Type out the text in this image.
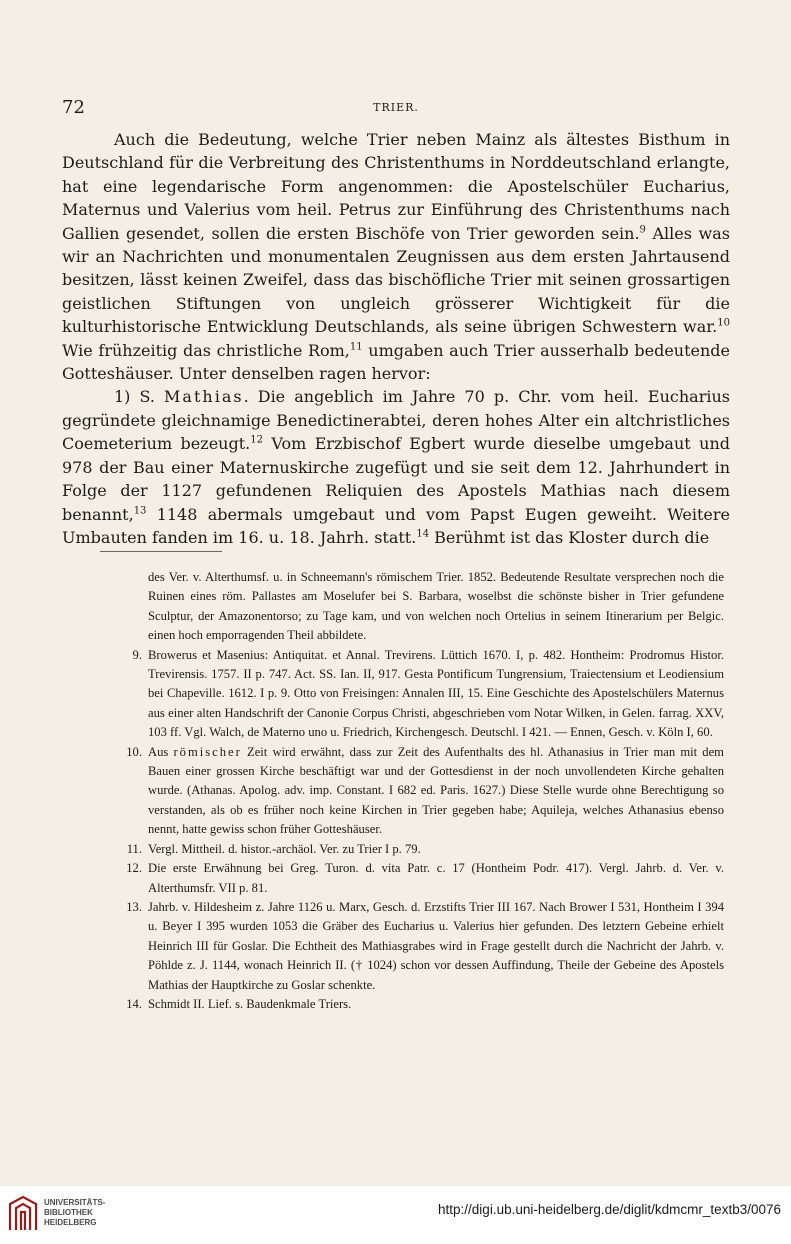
72	TRIER.

Auch die Bedeutung, welche Trier neben Mainz als ältestes Bisthum in Deutschland für die Verbreitung des Christenthums in Norddeutschland erlangte, hat eine legendarische Form angenommen: die Apostelschüler Eucharius, Maternus und Valerius vom heil. Petrus zur Einführung des Christenthums nach Gallien gesendet, sollen die ersten Bischöfe von Trier geworden sein.$^9$ Alles was wir an Nachrichten und monumentalen Zeugnissen aus dem ersten Jahrtausend besitzen, lässt keinen Zweifel, dass das bischöfliche Trier mit seinen grossartigen geistlichen Stiftungen von ungleich grösserer Wichtigkeit für die kulturhistorische Entwicklung Deutschlands, als seine übrigen Schwestern war.$^{10}$ Wie frühzeitig das christliche Rom,$^{11}$ umgaben auch Trier ausserhalb bedeutende Gotteshäuser. Unter denselben ragen hervor:

1) S. Mathias. Die angeblich im Jahre 70 p. Chr. vom heil. Eucharius gegründete gleichnamige Benedictinerabtei, deren hohes Alter ein altchristliches Coemeterium bezeugt.$^{12}$ Vom Erzbischof Egbert wurde dieselbe umgebaut und 978 der Bau einer Maternuskirche zugefügt und sie seit dem 12. Jahrhundert in Folge der 1127 gefundenen Reliquien des Apostels Mathias nach diesem benannt,$^{13}$ 1148 abermals umgebaut und vom Papst Eugen geweiht. Weitere Umbauten fanden im 16. u. 18. Jahrh. statt.$^{14}$ Berühmt ist das Kloster durch die

des Ver. v. Alterthumsf. u. in Schneemann's römischem Trier. 1852. Bedeutende Resultate versprechen noch die Ruinen eines röm. Pallastes am Moselufer bei S. Barbara, woselbst die schönste bisher in Trier gefundene Sculptur, der Amazonentorso; zu Tage kam, und von welchen noch Ortelius in seinem Itinerarium per Belgic. einen hoch emporragenden Theil abbildete.

9. Browerus et Masenius: Antiquitat. et Annal. Trevirens. Lüttich 1670. I, p. 482. Hontheim: Prodromus Histor. Trevirensis. 1757. II p. 747. Act. SS. Ian. II, 917. Gesta Pontificum Tungrensium, Traiectensium et Leodiensium bei Chapeville. 1612. I p. 9. Otto von Freisingen: Annalen III, 15. Eine Geschichte des Apostelschülers Maternus aus einer alten Handschrift der Canonie Corpus Christi, abgeschrieben vom Notar Wilken, in Gelen. farrag. XXV, 103 ff. Vgl. Walch, de Materno uno u. Friedrich, Kirchengesch. Deutschl. I 421. — Ennen, Gesch. v. Köln I, 60.

10. Aus römischer Zeit wird erwähnt, dass zur Zeit des Aufenthalts des hl. Athanasius in Trier man mit dem Bauen einer grossen Kirche beschäftigt war und der Gottesdienst in der noch unvollendeten Kirche gehalten wurde. (Athanas. Apolog. adv. imp. Constant. I 682 ed. Paris. 1627.) Diese Stelle wurde ohne Berechtigung so verstanden, als ob es früher noch keine Kirchen in Trier gegeben habe; Aquileja, welches Athanasius ebenso nennt, hatte gewiss schon früher Gotteshäuser.

11. Vergl. Mittheil. d. histor.-archäol. Ver. zu Trier I p. 79.

12. Die erste Erwähnung bei Greg. Turon. d. vita Patr. c. 17 (Hontheim Podr. 417). Vergl. Jahrb. d. Ver. v. Alterthumsfr. VII p. 81.

13. Jahrb. v. Hildesheim z. Jahre 1126 u. Marx, Gesch. d. Erzstifts Trier III 167. Nach Brower I 531, Hontheim I 394 u. Beyer I 395 wurden 1053 die Gräber des Eucharius u. Valerius hier gefunden. Des letztern Gebeine erhielt Heinrich III für Goslar. Die Echtheit des Mathiasgrabes wird in Frage gestellt durch die Nachricht der Jahrb. v. Pöhlde z. J. 1144, wonach Heinrich II. († 1024) schon vor dessen Auffindung, Theile der Gebeine des Apostels Mathias der Hauptkirche zu Goslar schenkte.

14. Schmidt II. Lief. s. Baudenkmale Triers.

UNIVERSITÄTS-
BIBLIOTHEK
HEIDELBERG
http://digi.ub.uni-heidelberg.de/diglit/kdmcmr_textb3/0076
